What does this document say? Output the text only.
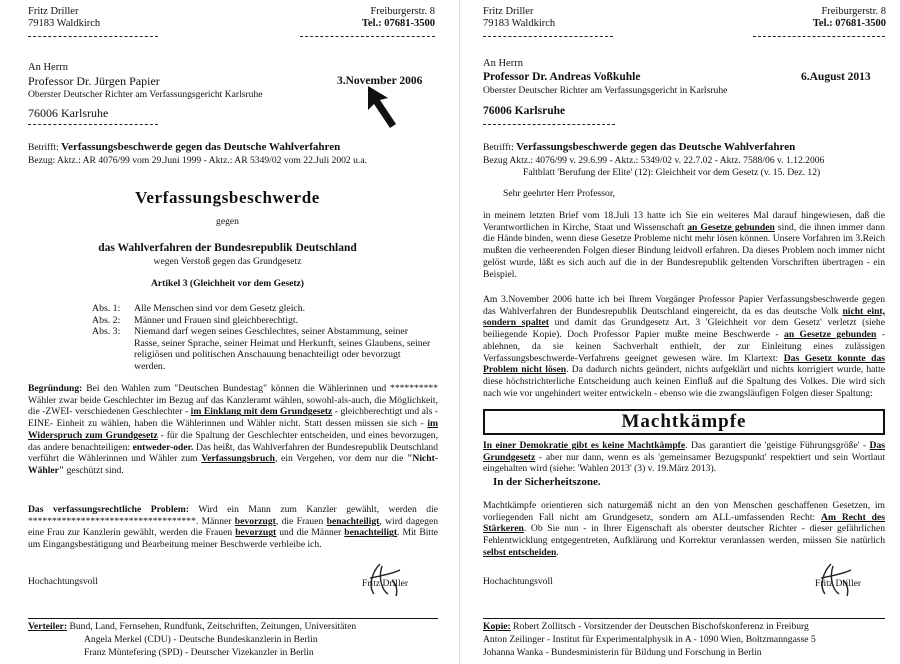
Fritz Driller
79183 Waldkirch
Freiburgerstr. 8
Tel.: 07681-3500
An Herrn
Professor Dr. Jürgen Papier	3.November 2006
Oberster Deutscher Richter am Verfassungsgericht Karlsruhe
76006 Karlsruhe
Betrifft: Verfassungsbeschwerde gegen das Deutsche Wahlverfahren
Bezug: Aktz.: AR 4076/99 vom 29.Juni 1999 - Aktz.: AR 5349/02 vom 22.Juli 2002 u.a.
Verfassungsbeschwerde
gegen
das Wahlverfahren der Bundesrepublik Deutschland
wegen Verstoß gegen das Grundgesetz
Artikel 3 (Gleichheit vor dem Gesetz)
Abs. 1:	Alle Menschen sind vor dem Gesetz gleich.
Abs. 2:	Männer und Frauen sind gleichberechtigt.
Abs. 3:	Niemand darf wegen seines Geschlechtes, seiner Abstammung, seiner Rasse, seiner Sprache, seiner Heimat und Herkunft, seines Glaubens, seiner religiösen und politischen Anschauung benachteiligt oder bevorzugt werden.
Begründung: Bei den Wahlen zum "Deutschen Bundestag" können die Wählerinnen und ********** Wähler zwar beide Geschlechter im Bezug auf das Kanzleramt wählen, sowohl-als-auch, die Möglichkeit, die -ZWEI- verschiedenen Geschlechter - im Einklang mit dem Grundgesetz - gleichberechtigt und als -EINE- Einheit zu wählen, haben die Wählerinnen und Wähler nicht. Statt dessen müssen sie sich - im Widerspruch zum Grundgesetz - für die Spaltung der Geschlechter entscheiden, und eines bevorzugen, das andere benachteiligen: entweder-oder. Das heißt, das Wahlverfahren der Bundesrepublik Deutschland verführt die Wählerinnen und Wähler zum Verfassungsbruch, ein Vergehen, vor dem nur die "Nicht-Wähler" geschützt sind.
Das verfassungsrechtliche Problem: Wird ein Mann zum Kanzler gewählt, werden die ***********************************. Männer bevorzugt, die Frauen benachteiligt, wird dagegen eine Frau zur Kanzlerin gewählt, werden die Frauen bevorzugt und die Männer benachteiligt. Mit Bitte um Eingangsbestätigung und Bearbeitung meiner Beschwerde verbleibe ich.
Hochachtungsvoll	Fritz Driller
Verteiler: Bund, Land, Fernsehen, Rundfunk, Zeitschriften, Zeitungen, Universitäten
Angela Merkel (CDU) - Deutsche Bundeskanzlerin in Berlin
Franz Müntefering (SPD) - Deutscher Vizekanzler in Berlin
Fritz Driller
79183 Waldkirch
Freiburgerstr. 8
Tel.: 07681-3500
An Herrn
Professor Dr. Andreas Voßkuhle	6.August 2013
Oberster Deutscher Richter am Verfassungsgericht in Karlsruhe
76006 Karlsruhe
Betrifft: Verfassungsbeschwerde gegen das Deutsche Wahlverfahren
Bezug Aktz.: 4076/99 v. 29.6.99 - Aktz.: 5349/02 v. 22.7.02 - Aktz. 7588/06 v. 1.12.2006
Faltblatt 'Berufung der Elite' (12): Gleichheit vor dem Gesetz (v. 15. Dez. 12)
Sehr geehrter Herr Professor,
in meinem letzten Brief vom 18.Juli 13 hatte ich Sie ein weiteres Mal darauf hingewiesen, daß die Verantwortlichen in Kirche, Staat und Wissenschaft an Gesetze gebunden sind, die ihnen immer dann die Hände binden, wenn diese Gesetze Probleme nicht mehr lösen können. Unsere Vorfahren im 3.Reich mußten die verheerenden Folgen dieser Bindung leidvoll erfahren. Da dieses Problem noch immer nicht gelöst wurde, läßt es sich auch auf die in der Bundesrepublik geltenden Vorschriften übertragen - ein Beispiel.
Am 3.November 2006 hatte ich bei Ihrem Vorgänger Professor Papier Verfassungsbeschwerde gegen das Wahlverfahren der Bundesrepublik Deutschland eingereicht, da es das deutsche Volk nicht eint, sondern spaltet und damit das Grundgesetz Art. 3 'Gleichheit vor dem Gesetz' verletzt (siehe beiliegende Kopie). Doch Professor Papier mußte meine Beschwerde - an Gesetze gebunden - ablehnen, da sie keinen Sachverhalt enthielt, der zur Einleitung eines zulässigen Verfassungsbeschwerde-Verfahrens geeignet gewesen wäre. Im Klartext: Das Gesetz konnte das Problem nicht lösen. Da dadurch nichts geändert, nichts aufgeklärt und nichts korrigiert wurde, hatte diese höchstrichterliche Entscheidung auch keinen Einfluß auf die Spaltung des Volkes. Die wird sich nach wie vor ungehindert weiter entwickeln - ebenso wie die zwangsläufigen Folgen dieser Spaltung:
Machtkämpfe
In einer Demokratie gibt es keine Machtkämpfe. Das garantiert die 'geistige Führungsgröße' - Das Grundgesetz - aber nur dann, wenn es als 'gemeinsamer Bezugspunkt' respektiert und sein Wortlaut eingehalten wird (siehe: 'Wahlen 2013' (3) v. 19.März 2013).
In der Sicherheitszone.
Machtkämpfe orientieren sich naturgemäß nicht an den von Menschen geschaffenen Gesetzen, im vorliegenden Fall nicht am Grundgesetz, sondern am ALL-umfassenden Recht: Am Recht des Stärkeren. Ob Sie nun - in Ihrer Eigenschaft als oberster deutscher Richter - dieser gefährlichen Fehlentwicklung entgegentreten, Aufklärung und Korrektur veranlassen werden, müssen Sie natürlich selbst entscheiden.
Hochachtungsvoll	Fritz Driller
Kopie: Robert Zollitsch - Vorsitzender der Deutschen Bischofskonferenz in Freiburg
Anton Zeilinger - Institut für Experimentalphysik in A - 1090 Wien, Boltzmanngasse 5
Johanna Wanka - Bundesministerin für Bildung und Forschung in Berlin
